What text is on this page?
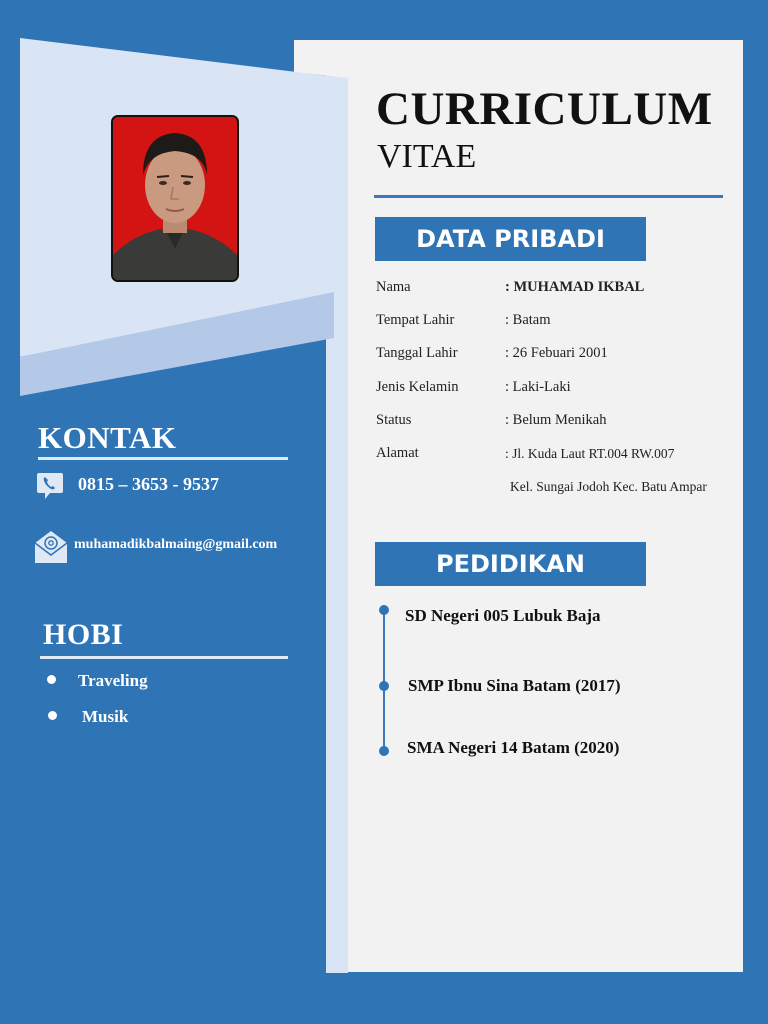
KONTAK
0815 – 3653 - 9537
muhamadikbalmaing@gmail.com
HOBI
Traveling
Musik
CURRICULUM
VITAE
DATA PRIBADI
Nama	: MUHAMAD IKBAL
Tempat Lahir	: Batam
Tanggal Lahir	: 26 Febuari 2001
Jenis Kelamin	: Laki-Laki
Status	: Belum Menikah
Alamat	: Jl. Kuda Laut RT.004 RW.007
Kel. Sungai Jodoh Kec. Batu Ampar
PEDIDIKAN
SD Negeri 005 Lubuk Baja
SMP Ibnu Sina Batam (2017)
SMA Negeri 14 Batam (2020)
